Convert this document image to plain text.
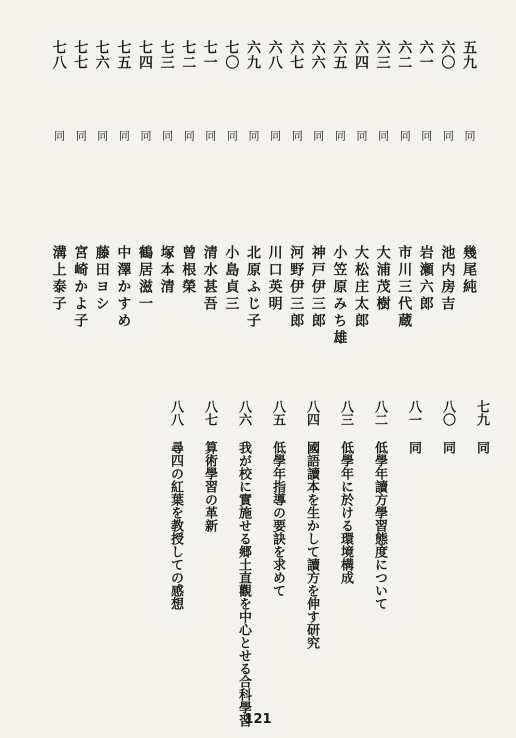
五九
同
六〇
同
六一
同
六二
同
六三
同
六四
同
六五
同
六六
同
六七
同
六八
同
六九
同
七〇
同
七一
同
七二
同
七三
同
七四
同
七五
同
七六
同
七七
同
七八
同
幾尾純
池内房吉
岩瀬六郎
市川三代蔵
大浦茂樹
大松庄太郎
小笠原みち雄
神戸伊三郎
河野伊三郎
川口英明
北原ふじ子
小島貞三
清水甚吾
曾根榮
塚本清
鶴居滋一
中澤かすめ
藤田ヨシ
宮崎かよ子
溝上泰子
七九 同
八〇 同
八一 同
八二 低學年讀方學習態度について
八三 低學年に於ける環境構成
八四 國語讀本を生かして讀方を伸す研究
八五 低學年指導の要訣を求めて
八六 我が校に實施せる郷土直觀を中心とせる合科學習
八七 算術學習の革新
八八 尋四の紅葉を教授しての感想
121
